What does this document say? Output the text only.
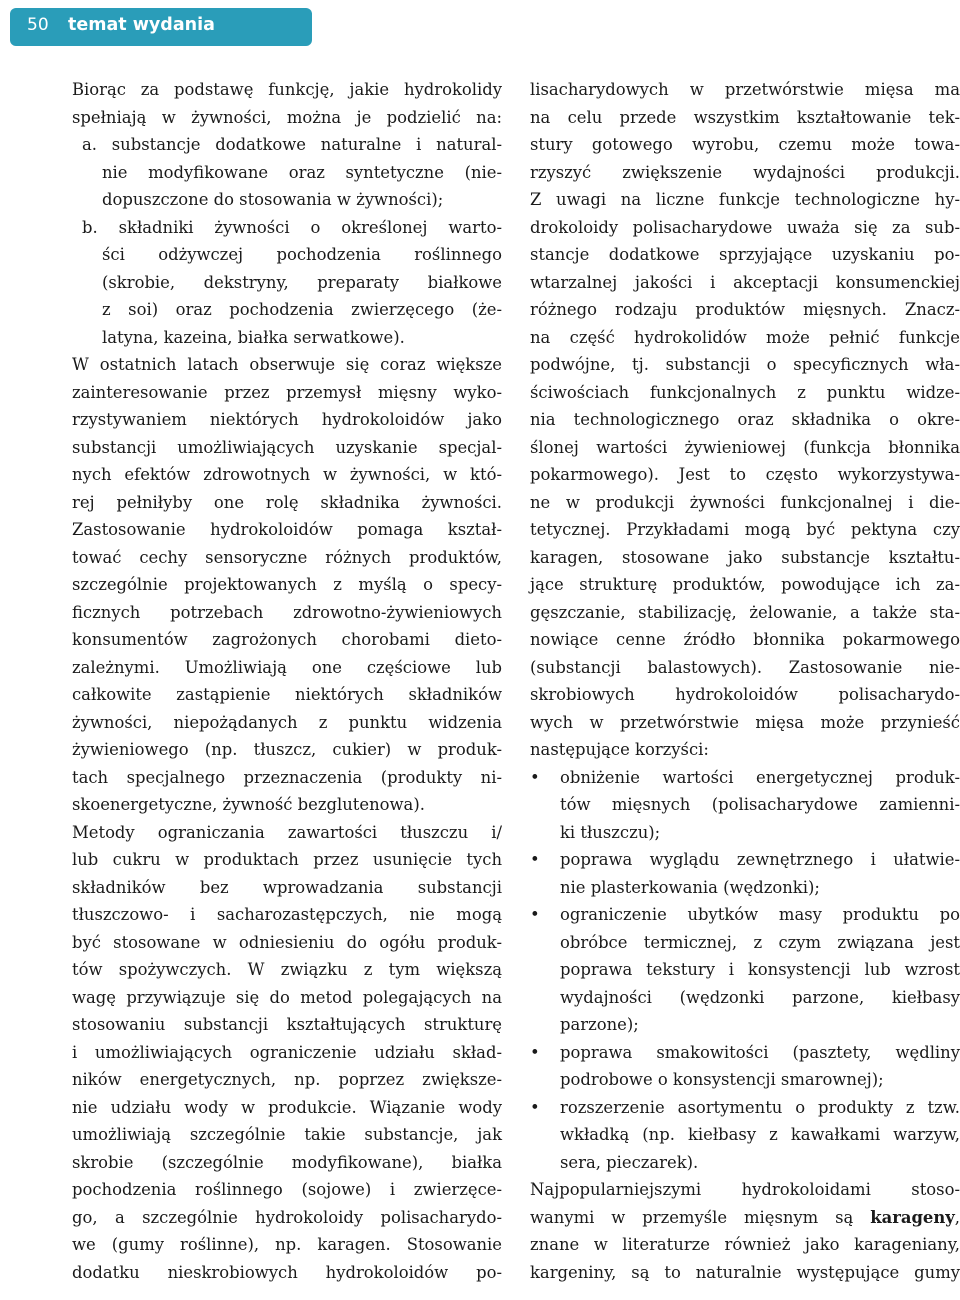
50 temat wydania
Biorąc za podstawę funkcję, jakie hydrokolidy
spełniają w żywności, można je podzielić na:
a. substancje dodatkowe naturalne i natural-
nie modyfikowane oraz syntetyczne (nie-
dopuszczone do stosowania w żywności);
b. składniki żywności o określonej warto-
ści odżywczej pochodzenia roślinnego
(skrobie, dekstryny, preparaty białkowe
z soi) oraz pochodzenia zwierzęcego (że-
latyna, kazeina, białka serwatkowe).
W ostatnich latach obserwuje się coraz większe
zainteresowanie przez przemysł mięsny wyko-
rzystywaniem niektórych hydrokoloidów jako
substancji umożliwiających uzyskanie specjal-
nych efektów zdrowotnych w żywności, w któ-
rej pełniłyby one rolę składnika żywności.
Zastosowanie hydrokoloidów pomaga kształ-
tować cechy sensoryczne różnych produktów,
szczególnie projektowanych z myślą o specy-
ficznych potrzebach zdrowotno-żywieniowych
konsumentów zagrożonych chorobami dieto-
zależnymi. Umożliwiają one częściowe lub
całkowite zastąpienie niektórych składników
żywności, niepożądanych z punktu widzenia
żywieniowego (np. tłuszcz, cukier) w produk-
tach specjalnego przeznaczenia (produkty ni-
skoenergetyczne, żywność bezglutenowa).
Metody ograniczania zawartości tłuszczu i/
lub cukru w produktach przez usunięcie tych
składników bez wprowadzania substancji
tłuszczowo- i sacharozastępczych, nie mogą
być stosowane w odniesieniu do ogółu produk-
tów spożywczych. W związku z tym większą
wagę przywiązuje się do metod polegających na
stosowaniu substancji kształtujących strukturę
i umożliwiających ograniczenie udziału skład-
ników energetycznych, np. poprzez zwiększe-
nie udziału wody w produkcie. Wiązanie wody
umożliwiają szczególnie takie substancje, jak
skrobie (szczególnie modyfikowane), białka
pochodzenia roślinnego (sojowe) i zwierzęce-
go, a szczególnie hydrokoloidy polisacharydo-
we (gumy roślinne), np. karagen. Stosowanie
dodatku nieskrobiowych hydrokoloidów po-
lisacharydowych w przetwórstwie mięsa ma
na celu przede wszystkim kształtowanie tek-
stury gotowego wyrobu, czemu może towa-
rzyszyć zwiększenie wydajności produkcji.
Z uwagi na liczne funkcje technologiczne hy-
drokoloidy polisacharydowe uważa się za sub-
stancje dodatkowe sprzyjające uzyskaniu po-
wtarzalnej jakości i akceptacji konsumenckiej
różnego rodzaju produktów mięsnych. Znacz-
na część hydrokolidów może pełnić funkcje
podwójne, tj. substancji o specyficznych wła-
ściwościach funkcjonalnych z punktu widze-
nia technologicznego oraz składnika o okre-
ślonej wartości żywieniowej (funkcja błonnika
pokarmowego). Jest to często wykorzystywa-
ne w produkcji żywności funkcjonalnej i die-
tetycznej. Przykładami mogą być pektyna czy
karagen, stosowane jako substancje kształtu-
jące strukturę produktów, powodujące ich za-
gęszczanie, stabilizację, żelowanie, a także sta-
nowiące cenne źródło błonnika pokarmowego
(substancji balastowych). Zastosowanie nie-
skrobiowych hydrokoloidów polisacharydo-
wych w przetwórstwie mięsa może przynieść
następujące korzyści:
• obniżenie wartości energetycznej produk-
tów mięsnych (polisacharydowe zamienni-
ki tłuszczu);
• poprawa wyglądu zewnętrznego i ułatwie-
nie plasterkowania (wędzonki);
• ograniczenie ubytków masy produktu po
obróbce termicznej, z czym związana jest
poprawa tekstury i konsystencji lub wzrost
wydajności (wędzonki parzone, kiełbasy
parzone);
• poprawa smakowitości (pasztety, wędliny
podrobowe o konsystencji smarownej);
• rozszerzenie asortymentu o produkty z tzw.
wkładką (np. kiełbasy z kawałkami warzyw,
sera, pieczarek).
Najpopularniejszymi hydrokoloidami stoso-
wanymi w przemyśle mięsnym są karageny,
znane w literaturze również jako karageniany,
kargeniny, są to naturalnie występujące gumy
